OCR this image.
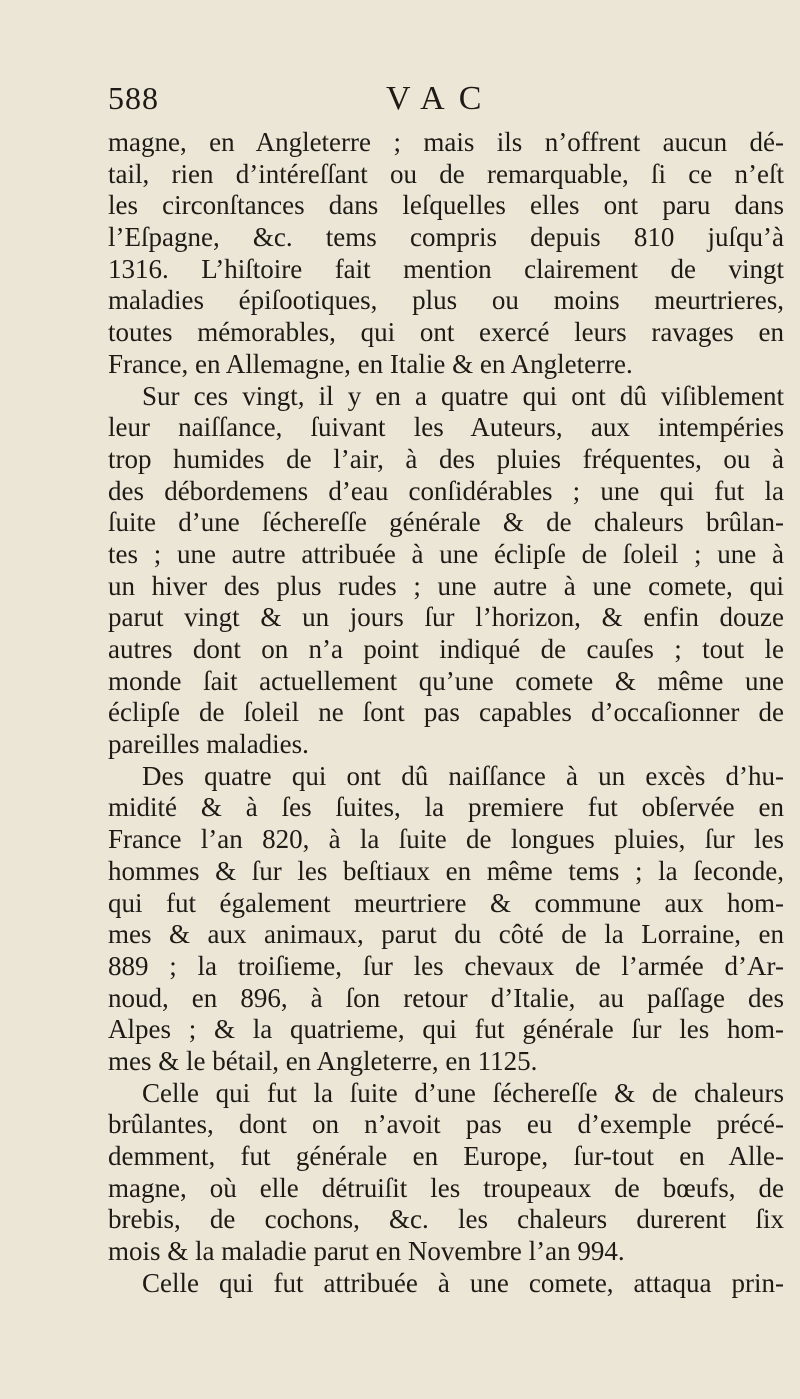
588	VAC
magne, en Angleterre ; mais ils n’offrent aucun dé-
tail, rien d’intéreſſant ou de remarquable, ſi ce n’eſt
les circonſtances dans leſquelles elles ont paru dans
l’Eſpagne, &c. tems compris depuis 810 juſqu’à
1316. L’hiſtoire fait mention clairement de vingt
maladies épiſootiques, plus ou moins meurtrieres,
toutes mémorables, qui ont exercé leurs ravages en
France, en Allemagne, en Italie & en Angleterre.
Sur ces vingt, il y en a quatre qui ont dû viſiblement
leur naiſſance, ſuivant les Auteurs, aux intempéries
trop humides de l’air, à des pluies fréquentes, ou à
des débordemens d’eau conſidérables ; une qui fut la
ſuite d’une ſéchereſſe générale & de chaleurs brûlan-
tes ; une autre attribuée à une éclipſe de ſoleil ; une à
un hiver des plus rudes ; une autre à une comete, qui
parut vingt & un jours ſur l’horizon, & enfin douze
autres dont on n’a point indiqué de cauſes ; tout le
monde ſait actuellement qu’une comete & même une
éclipſe de ſoleil ne ſont pas capables d’occaſionner de
pareilles maladies.
Des quatre qui ont dû naiſſance à un excès d’hu-
midité & à ſes ſuites, la premiere fut obſervée en
France l’an 820, à la ſuite de longues pluies, ſur les
hommes & ſur les beſtiaux en même tems ; la ſeconde,
qui fut également meurtriere & commune aux hom-
mes & aux animaux, parut du côté de la Lorraine, en
889 ; la troiſieme, ſur les chevaux de l’armée d’Ar-
noud, en 896, à ſon retour d’Italie, au paſſage des
Alpes ; & la quatrieme, qui fut générale ſur les hom-
mes & le bétail, en Angleterre, en 1125.
Celle qui fut la ſuite d’une ſéchereſſe & de chaleurs
brûlantes, dont on n’avoit pas eu d’exemple précé-
demment, fut générale en Europe, ſur-tout en Alle-
magne, où elle détruiſit les troupeaux de bœufs, de
brebis, de cochons, &c. les chaleurs durerent ſix
mois & la maladie parut en Novembre l’an 994.
Celle qui fut attribuée à une comete, attaqua prin-
